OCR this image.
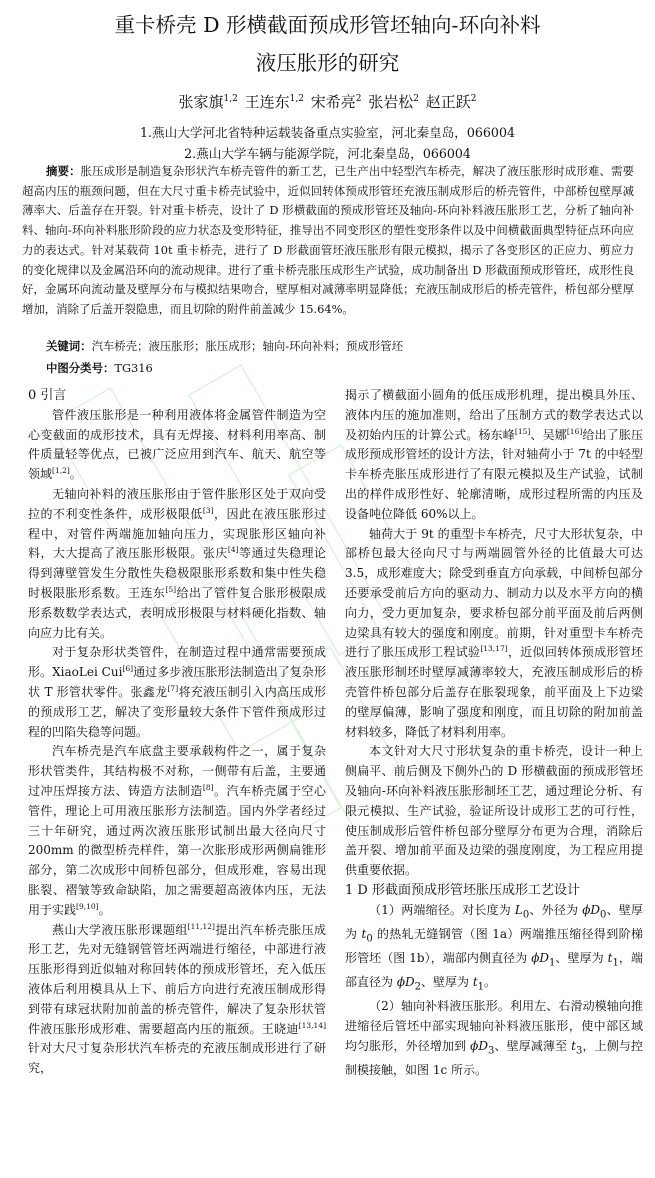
重卡桥壳 D 形横截面预成形管坯轴向-环向补料
液压胀形的研究
张家旗$^{1,2}$ 王连东$^{1,2}$ 宋希亮$^2$ 张岩松$^2$ 赵正跃$^2$
1.燕山大学河北省特种运载装备重点实验室，河北秦皇岛，066004
2.燕山大学车辆与能源学院，河北秦皇岛，066004
摘要：胀压成形是制造复杂形状汽车桥壳管件的新工艺，已生产出中轻型汽车桥壳，解决了液压胀形时成形难、需要超高内压的瓶颈问题，但在大尺寸重卡桥壳试验中，近似回转体预成形管坯充液压制成形后的桥壳管件，中部桥包壁厚减薄率大、后盖存在开裂。针对重卡桥壳，设计了 D 形横截面的预成形管坯及轴向-环向补料液压胀形工艺，分析了轴向补料、轴向-环向补料胀形阶段的应力状态及变形特征，推导出不同变形区的塑性变形条件以及中间横截面典型特征点环向应力的表达式。针对某载荷 10t 重卡桥壳，进行了 D 形截面管坯液压胀形有限元模拟，揭示了各变形区的正应力、剪应力的变化规律以及金属沿环向的流动规律。进行了重卡桥壳胀压成形生产试验，成功制备出 D 形截面预成形管坯，成形性良好，金属环向流动量及壁厚分布与模拟结果吻合，壁厚相对减薄率明显降低；充液压制成形后的桥壳管件，桥包部分壁厚增加，消除了后盖开裂隐患，而且切除的附件前盖减少 15.64%。
关键词：汽车桥壳；液压胀形；胀压成形；轴向-环向补料；预成形管坯
中图分类号：TG316

0 引言

管件液压胀形是一种利用液体将金属管件制造为空心变截面的成形技术，具有无焊接、材料利用率高、制件质量轻等优点，已被广泛应用到汽车、航天、航空等领域[1,2]。

无轴向补料的液压胀形由于管件胀形区处于双向受拉的不利变性条件，成形极限低[3]，因此在液压胀形过程中，对管件两端施加轴向压力，实现胀形区轴向补料，大大提高了液压胀形极限。张庆[4]等通过失稳理论得到薄壁管发生分散性失稳极限胀形系数和集中性失稳时极限胀形系数。王连东[5]给出了管件复合胀形极限成形系数数学表达式，表明成形极限与材料硬化指数、轴向应力比有关。

对于复杂形状类管件，在制造过程中通常需要预成形。XiaoLei Cui[6]通过多步液压胀形法制造出了复杂形状 T 形管状零件。张鑫龙[7]将充液压制引入内高压成形的预成形工艺，解决了变形量较大条件下管件预成形过程的凹陷失稳等问题。

汽车桥壳是汽车底盘主要承载构件之一，属于复杂形状管类件，其结构极不对称，一侧带有后盖，主要通过冲压焊接方法、铸造方法制造[8]。汽车桥壳属于空心管件，理论上可用液压胀形方法制造。国内外学者经过三十年研究，通过两次液压胀形试制出最大径向尺寸 200mm 的微型桥壳样件，第一次胀形成形两侧扁锥形部分，第二次成形中间桥包部分，但成形难，容易出现胀裂、褶皱等致命缺陷，加之需要超高液体内压，无法用于实践[9,10]。

燕山大学液压胀形课题组[11,12]提出汽车桥壳胀压成形工艺，先对无缝钢管管坯两端进行缩径，中部进行液压胀形得到近似轴对称回转体的预成形管坯，充入低压液体后利用模具从上下、前后方向进行充液压制成形得到带有球冠状附加前盖的桥壳管件，解决了复杂形状管件液压胀形成形难、需要超高内压的瓶颈。王晓迪[13,14]针对大尺寸复杂形状汽车桥壳的充液压制成形进行了研究，

揭示了横截面小圆角的低压成形机理，提出模具外压、液体内压的施加准则，给出了压制方式的数学表达式以及初始内压的计算公式。杨东峰[15]、吴娜[16]给出了胀压成形预成形管坯的设计方法，针对轴荷小于 7t 的中轻型卡车桥壳胀压成形进行了有限元模拟及生产试验，试制出的样件成形性好、轮廓清晰，成形过程所需的内压及设备吨位降低 60%以上。

轴荷大于 9t 的重型卡车桥壳，尺寸大形状复杂，中部桥包最大径向尺寸与两端圆管外径的比值最大可达 3.5，成形难度大；除受到垂直方向承载，中间桥包部分还要承受前后方向的驱动力、制动力以及水平方向的横向力，受力更加复杂，要求桥包部分前平面及前后两侧边梁具有较大的强度和刚度。前期，针对重型卡车桥壳进行了胀压成形工程试验[13,17]，近似回转体预成形管坯液压胀形制坯时壁厚减薄率较大，充液压制成形后的桥壳管件桥包部分后盖存在胀裂现象，前平面及上下边梁的壁厚偏薄，影响了强度和刚度，而且切除的附加前盖材料较多，降低了材料利用率。

本文针对大尺寸形状复杂的重卡桥壳，设计一种上侧扁平、前后侧及下侧外凸的 D 形横截面的预成形管坯及轴向-环向补料液压胀形制坯工艺，通过理论分析、有限元模拟、生产试验，验证所设计成形工艺的可行性，使压制成形后管件桥包部分壁厚分布更为合理，消除后盖开裂、增加前平面及边梁的强度刚度，为工程应用提供重要依据。

1 D 形截面预成形管坯胀压成形工艺设计

（1）两端缩径。对长度为 $L_0$、外径为 $\phi D_0$、壁厚为 $t_0$ 的热轧无缝钢管（图 1a）两端推压缩径得到阶梯形管坯（图 1b），端部内侧直径为 $\phi D_1$、壁厚为 $t_1$，端部直径为 $\phi D_2$、壁厚为 $t_1$。

（2）轴向补料液压胀形。利用左、右滑动模轴向推进缩径后管坯中部实现轴向补料液压胀形，使中部区域均匀胀形，外径增加到 $\phi D_3$、壁厚减薄至 $t_3$，上侧与控制模接触，如图 1c 所示。
